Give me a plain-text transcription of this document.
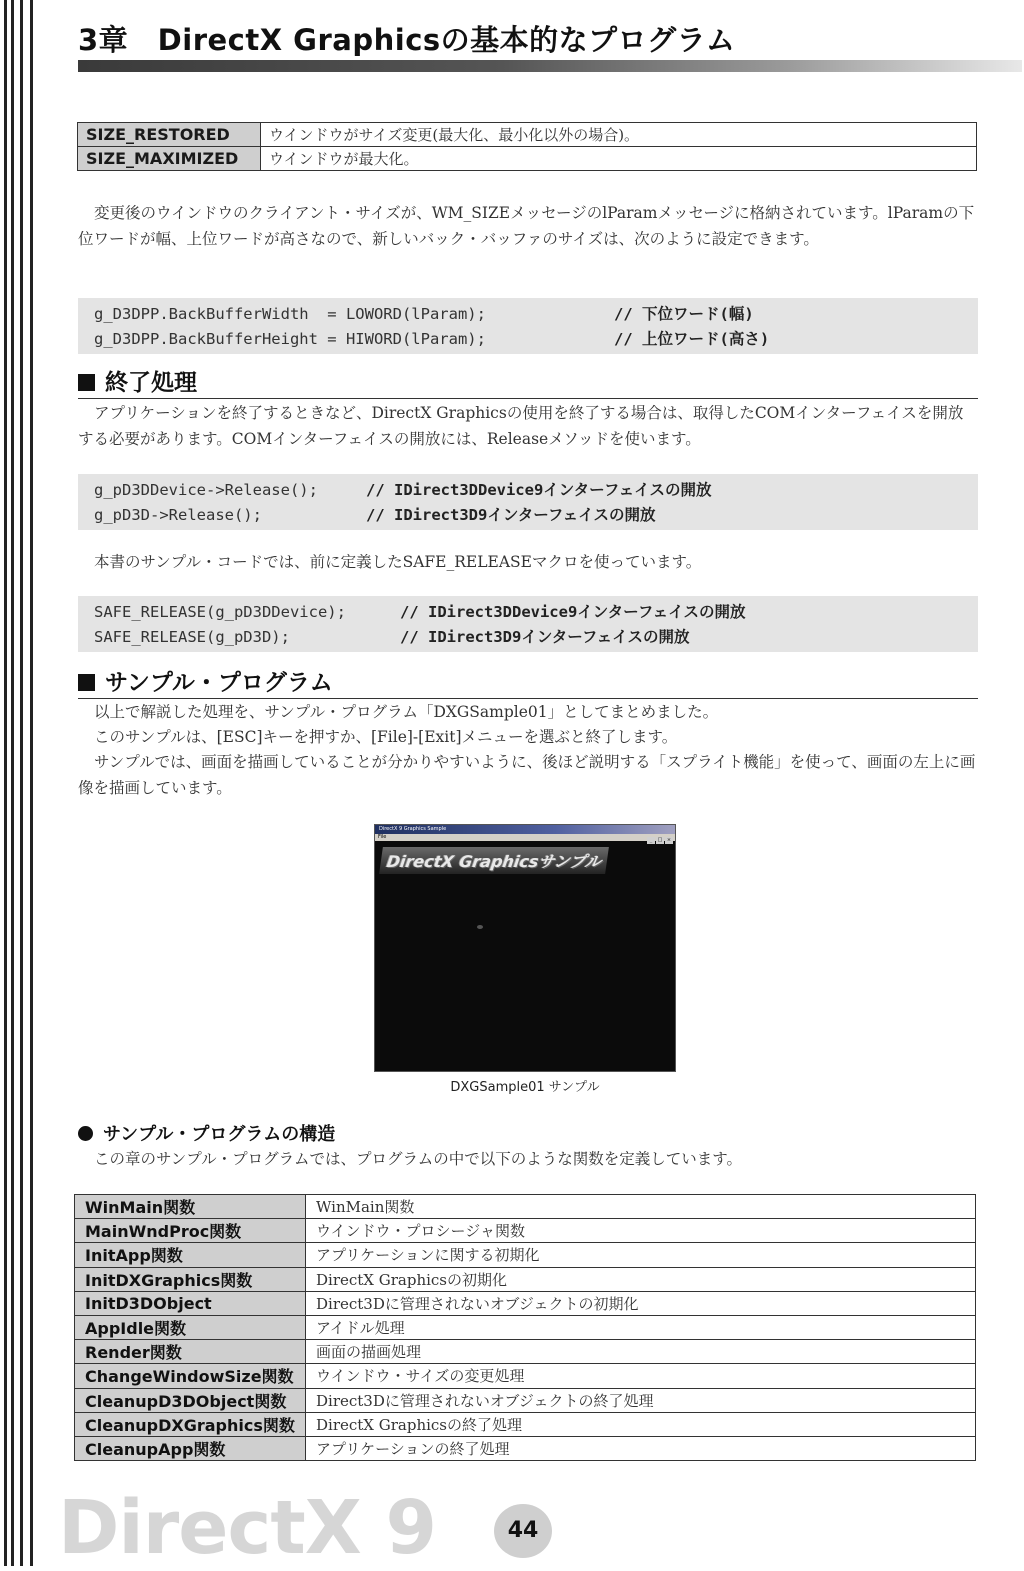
3章　DirectX Graphicsの基本的なプログラム
SIZE_RESTORED	ウインドウがサイズ変更(最大化、最小化以外の場合)。
SIZE_MAXIMIZED	ウインドウが最大化。
変更後のウインドウのクライアント・サイズが、WM_SIZEメッセージのlParamメッセージに格納されています。lParamの下位ワードが幅、上位ワードが高さなので、新しいバック・バッファのサイズは、次のように設定できます。

g_D3DPP.BackBufferWidth  = LOWORD(lParam);

	// 下位ワード(幅)

g_D3DPP.BackBufferHeight = HIWORD(lParam);

	// 上位ワード(高さ)

終了処理
アプリケーションを終了するときなど、DirectX Graphicsの使用を終了する場合は、取得したCOMインターフェイスを開放する必要があります。COMインターフェイスの開放には、Releaseメソッドを使います。

g_pD3DDevice->Release();

	// IDirect3DDevice9インターフェイスの開放

g_pD3D->Release();

	// IDirect3D9インターフェイスの開放

本書のサンプル・コードでは、前に定義したSAFE_RELEASEマクロを使っています。

SAFE_RELEASE(g_pD3DDevice);

	// IDirect3DDevice9インターフェイスの開放

SAFE_RELEASE(g_pD3D);

	// IDirect3D9インターフェイスの開放

サンプル・プログラム
以上で解説した処理を、サンプル・プログラム「DXGSample01」としてまとめました。
このサンプルは、[ESC]キーを押すか、[File]-[Exit]メニューを選ぶと終了します。
サンプルでは、画面を描画していることが分かりやすいように、後ほど説明する「スプライト機能」を使って、画面の左上に画像を描画しています。
DirectX 9 Graphics Sample
_ □ ×
File
DirectX Graphicsサンプル
DXGSample01 サンプル
サンプル・プログラムの構造
この章のサンプル・プログラムでは、プログラムの中で以下のような関数を定義しています。
WinMain関数	WinMain関数
MainWndProc関数	ウインドウ・プロシージャ関数
InitApp関数	アプリケーションに関する初期化
InitDXGraphics関数	DirectX Graphicsの初期化
InitD3DObject	Direct3Dに管理されないオブジェクトの初期化
AppIdle関数	アイドル処理
Render関数	画面の描画処理
ChangeWindowSize関数	ウインドウ・サイズの変更処理
CleanupD3DObject関数	Direct3Dに管理されないオブジェクトの終了処理
CleanupDXGraphics関数	DirectX Graphicsの終了処理
CleanupApp関数	アプリケーションの終了処理
DirectX 9	44
